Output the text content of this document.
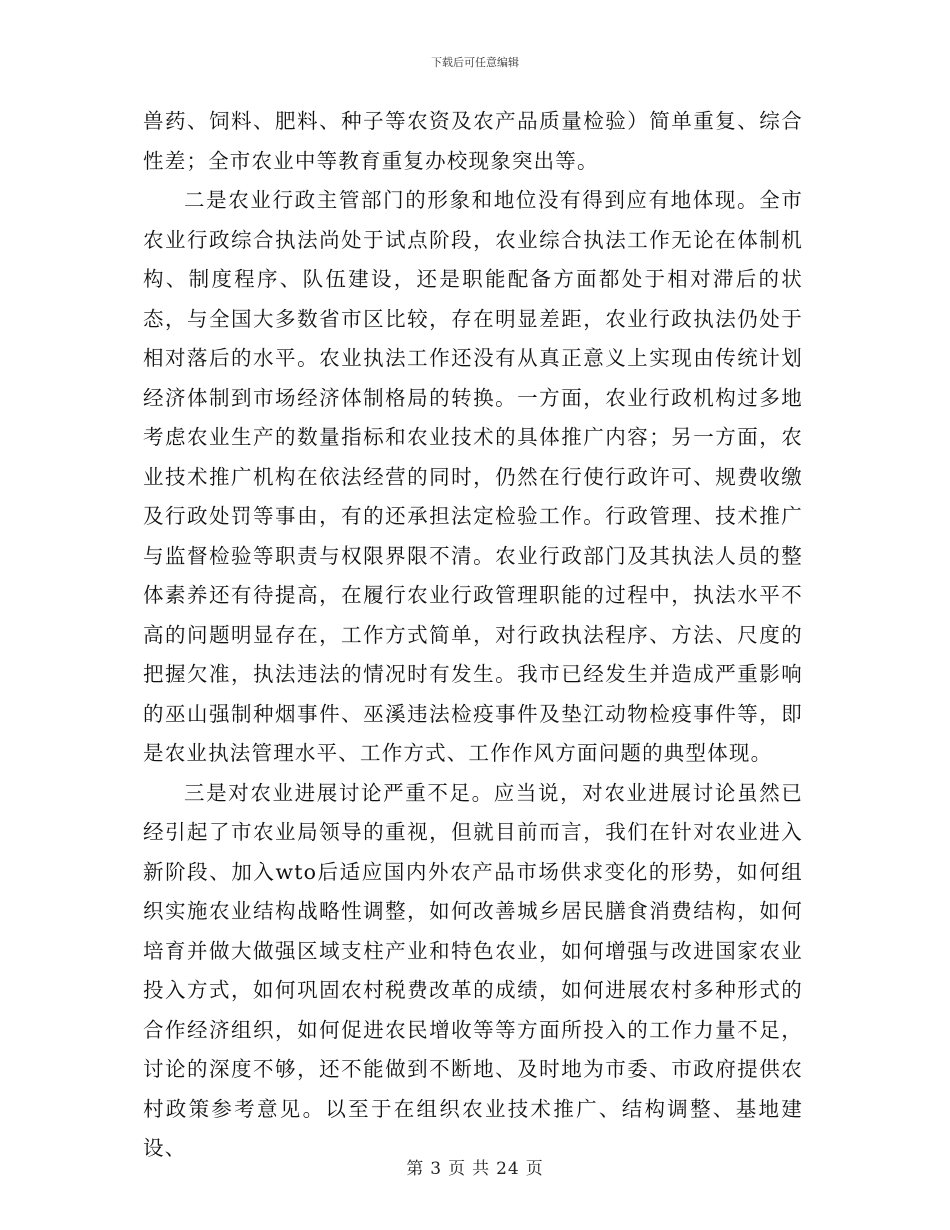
下载后可任意编辑

兽药、饲料、肥料、种子等农资及农产品质量检验）简单重复、综合性差；全市农业中等教育重复办校现象突出等。

二是农业行政主管部门的形象和地位没有得到应有地体现。全市农业行政综合执法尚处于试点阶段，农业综合执法工作无论在体制机构、制度程序、队伍建设，还是职能配备方面都处于相对滞后的状态，与全国大多数省市区比较，存在明显差距，农业行政执法仍处于相对落后的水平。农业执法工作还没有从真正意义上实现由传统计划经济体制到市场经济体制格局的转换。一方面，农业行政机构过多地考虑农业生产的数量指标和农业技术的具体推广内容；另一方面，农业技术推广机构在依法经营的同时，仍然在行使行政许可、规费收缴及行政处罚等事由，有的还承担法定检验工作。行政管理、技术推广与监督检验等职责与权限界限不清。农业行政部门及其执法人员的整体素养还有待提高，在履行农业行政管理职能的过程中，执法水平不高的问题明显存在，工作方式简单，对行政执法程序、方法、尺度的把握欠准，执法违法的情况时有发生。我市已经发生并造成严重影响的巫山强制种烟事件、巫溪违法检疫事件及垫江动物检疫事件等，即是农业执法管理水平、工作方式、工作作风方面问题的典型体现。

三是对农业进展讨论严重不足。应当说，对农业进展讨论虽然已经引起了市农业局领导的重视，但就目前而言，我们在针对农业进入新阶段、加入wto后适应国内外农产品市场供求变化的形势，如何组织实施农业结构战略性调整，如何改善城乡居民膳食消费结构，如何培育并做大做强区域支柱产业和特色农业，如何增强与改进国家农业投入方式，如何巩固农村税费改革的成绩，如何进展农村多种形式的合作经济组织，如何促进农民增收等等方面所投入的工作力量不足，讨论的深度不够，还不能做到不断地、及时地为市委、市政府提供农村政策参考意见。以至于在组织农业技术推广、结构调整、基地建设、

第 3 页 共 24 页
